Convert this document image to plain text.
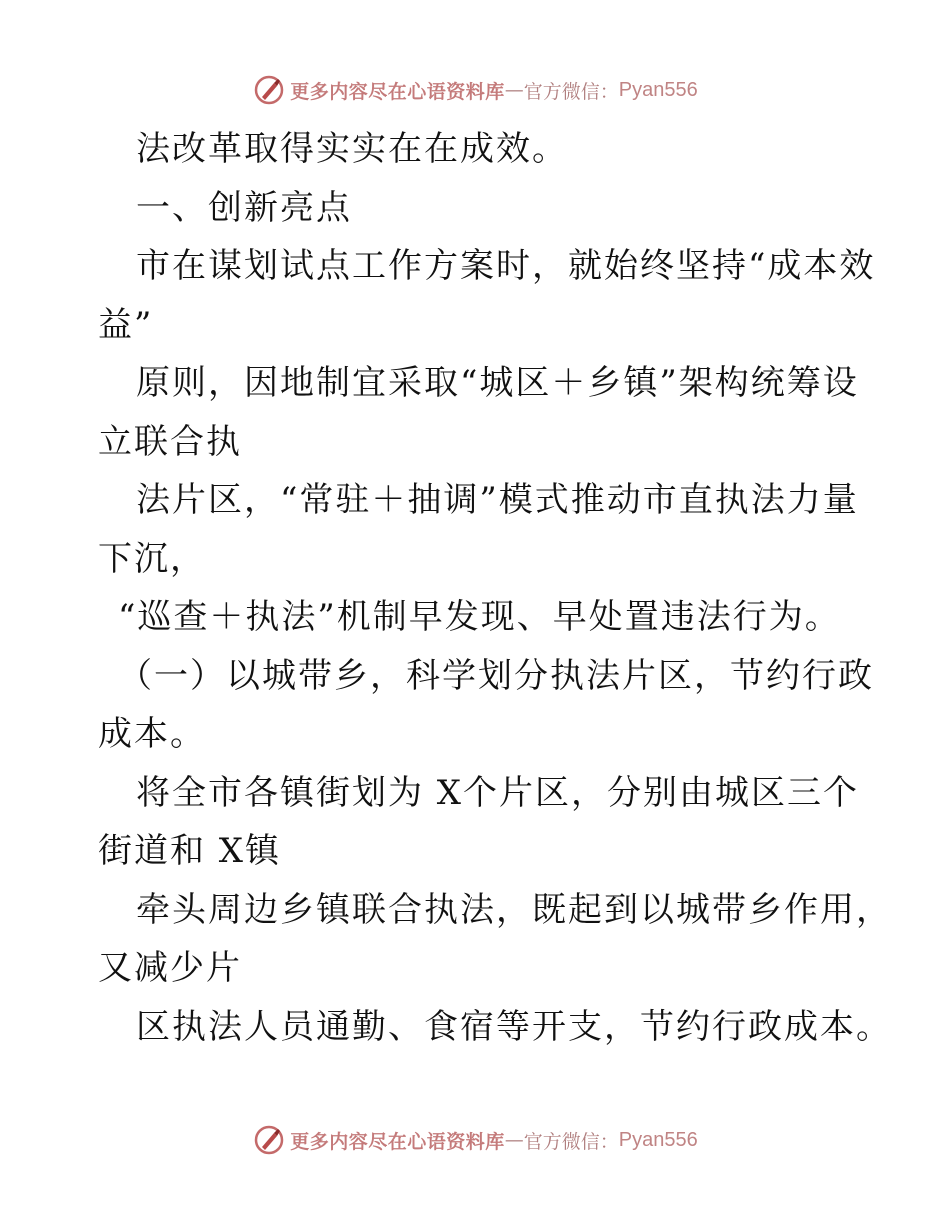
更多内容尽在心语资料库 — 官方微信： Pyan556
法改革取得实实在在成效。
一、创新亮点
市在谋划试点工作方案时，就始终坚持“成本效
益”
原则，因地制宜采取“城区＋乡镇”架构统筹设
立联合执
法片区，“常驻＋抽调”模式推动市直执法力量
下沉，
“巡查＋执法”机制早发现、早处置违法行为。
（一）以城带乡，科学划分执法片区，节约行政
成本。
将全市各镇街划为 X个片区，分别由城区三个
街道和 X镇
牵头周边乡镇联合执法，既起到以城带乡作用，
又减少片
区执法人员通勤、食宿等开支，节约行政成本。
更多内容尽在心语资料库 — 官方微信： Pyan556
